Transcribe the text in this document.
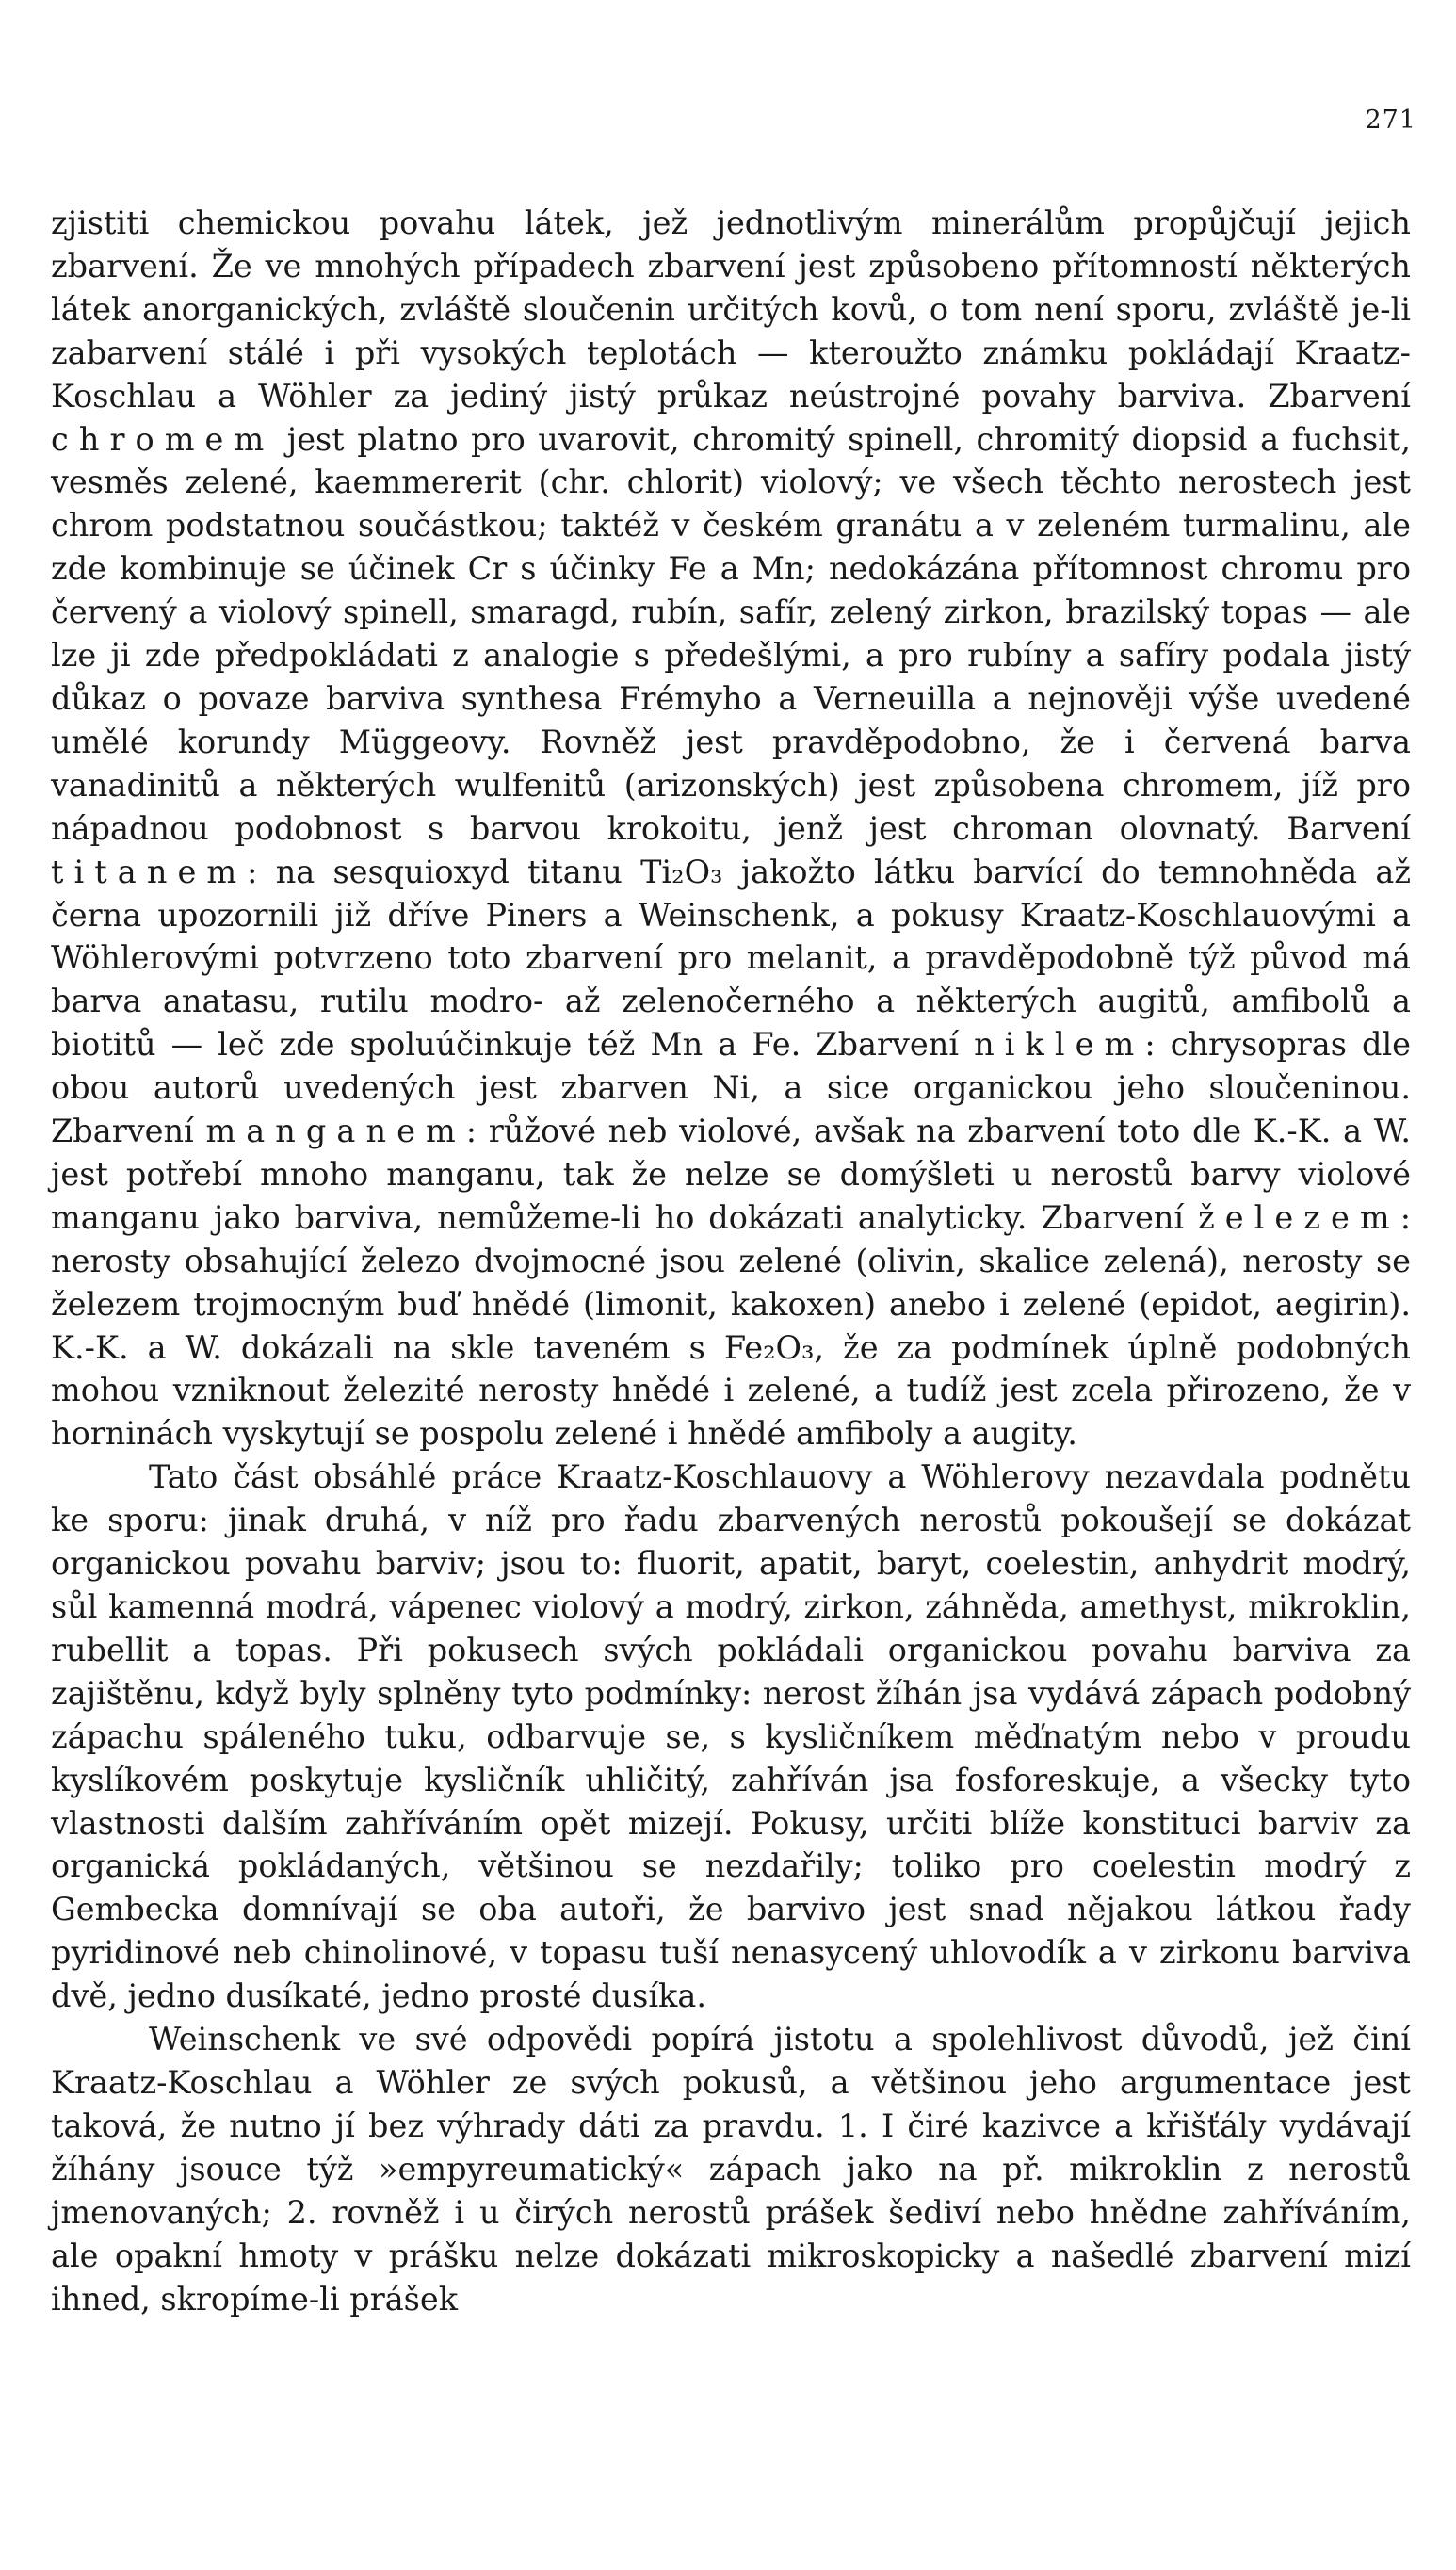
271

zjistiti chemickou povahu látek, jež jednotlivým minerálům propůjčují jejich zbarvení. Že ve mnohých případech zbarvení jest způsobeno přítomností některých látek anorganických, zvláště sloučenin určitých kovů, o tom není sporu, zvláště je-li zabarvení stálé i při vysokých teplotách — kteroužto známku pokládají Kraatz-Koschlau a Wöhler za jediný jistý průkaz neústrojné povahy barviva. Zbarvení chromem jest platno pro uvarovit, chromitý spinell, chromitý diopsid a fuchsit, vesměs zelené, kaemmererit (chr. chlorit) violový; ve všech těchto nerostech jest chrom podstatnou součástkou; taktéž v českém granátu a v zeleném turmalinu, ale zde kombinuje se účinek Cr s účinky Fe a Mn; nedokázána přítomnost chromu pro červený a violový spinell, smaragd, rubín, safír, zelený zirkon, brazilský topas — ale lze ji zde předpokládati z analogie s předešlými, a pro rubíny a safíry podala jistý důkaz o povaze barviva synthesa Frémyho a Verneuilla a nejnověji výše uvedené umělé korundy Müggeovy. Rovněž jest pravděpodobno, že i červená barva vanadinitů a některých wulfenitů (arizonských) jest způsobena chromem, jíž pro nápadnou podobnost s barvou krokoitu, jenž jest chroman olovnatý. Barvení titanem: na sesquioxyd titanu Ti₂O₃ jakožto látku barvící do temnohněda až černa upozornili již dříve Piners a Weinschenk, a pokusy Kraatz-Koschlauovými a Wöhlerovými potvrzeno toto zbarvení pro melanit, a pravděpodobně týž původ má barva anatasu, rutilu modro- až zelenočerného a některých augitů, amfibolů a biotitů — leč zde spoluúčinkuje též Mn a Fe. Zbarvení niklem: chrysopras dle obou autorů uvedených jest zbarven Ni, a sice organickou jeho sloučeninou. Zbarvení manganem: růžové neb violové, avšak na zbarvení toto dle K.-K. a W. jest potřebí mnoho manganu, tak že nelze se domýšleti u nerostů barvy violové manganu jako barviva, nemůžeme-li ho dokázati analyticky. Zbarvení železem: nerosty obsahující železo dvojmocné jsou zelené (olivin, skalice zelená), nerosty se železem trojmocným buď hnědé (limonit, kakoxen) anebo i zelené (epidot, aegirin). K.-K. a W. dokázali na skle taveném s Fe₂O₃, že za podmínek úplně podobných mohou vzniknout železité nerosty hnědé i zelené, a tudíž jest zcela přirozeno, že v horninách vyskytují se pospolu zelené i hnědé amfiboly a augity.

Tato část obsáhlé práce Kraatz-Koschlauovy a Wöhlerovy nezavdala podnětu ke sporu: jinak druhá, v níž pro řadu zbarvených nerostů pokoušejí se dokázat organickou povahu barviv; jsou to: fluorit, apatit, baryt, coelestin, anhydrit modrý, sůl kamenná modrá, vápenec violový a modrý, zirkon, záhněda, amethyst, mikroklin, rubellit a topas. Při pokusech svých pokládali organickou povahu barviva za zajištěnu, když byly splněny tyto podmínky: nerost žíhán jsa vydává zápach podobný zápachu spáleného tuku, odbarvuje se, s kysličníkem měďnatým nebo v proudu kyslíkovém poskytuje kysličník uhličitý, zahříván jsa fosforeskuje, a všecky tyto vlastnosti dalším zahříváním opět mizejí. Pokusy, určiti blíže konstituci barviv za organická pokládaných, většinou se nezdařily; toliko pro coelestin modrý z Gembecka domnívají se oba autoři, že barvivo jest snad nějakou látkou řady pyridinové neb chinolinové, v topasu tuší nenasycený uhlovodík a v zirkonu barviva dvě, jedno dusíkaté, jedno prosté dusíka.

Weinschenk ve své odpovědi popírá jistotu a spolehlivost důvodů, jež činí Kraatz-Koschlau a Wöhler ze svých pokusů, a většinou jeho argumentace jest taková, že nutno jí bez výhrady dáti za pravdu. 1. I čiré kazivce a křišťály vydávají žíhány jsouce týž »empyreumatický« zápach jako na př. mikroklin z nerostů jmenovaných; 2. rovněž i u čirých nerostů prášek šediví nebo hnědne zahříváním, ale opakní hmoty v prášku nelze dokázati mikroskopicky a našedlé zbarvení mizí ihned, skropíme-li prášek
